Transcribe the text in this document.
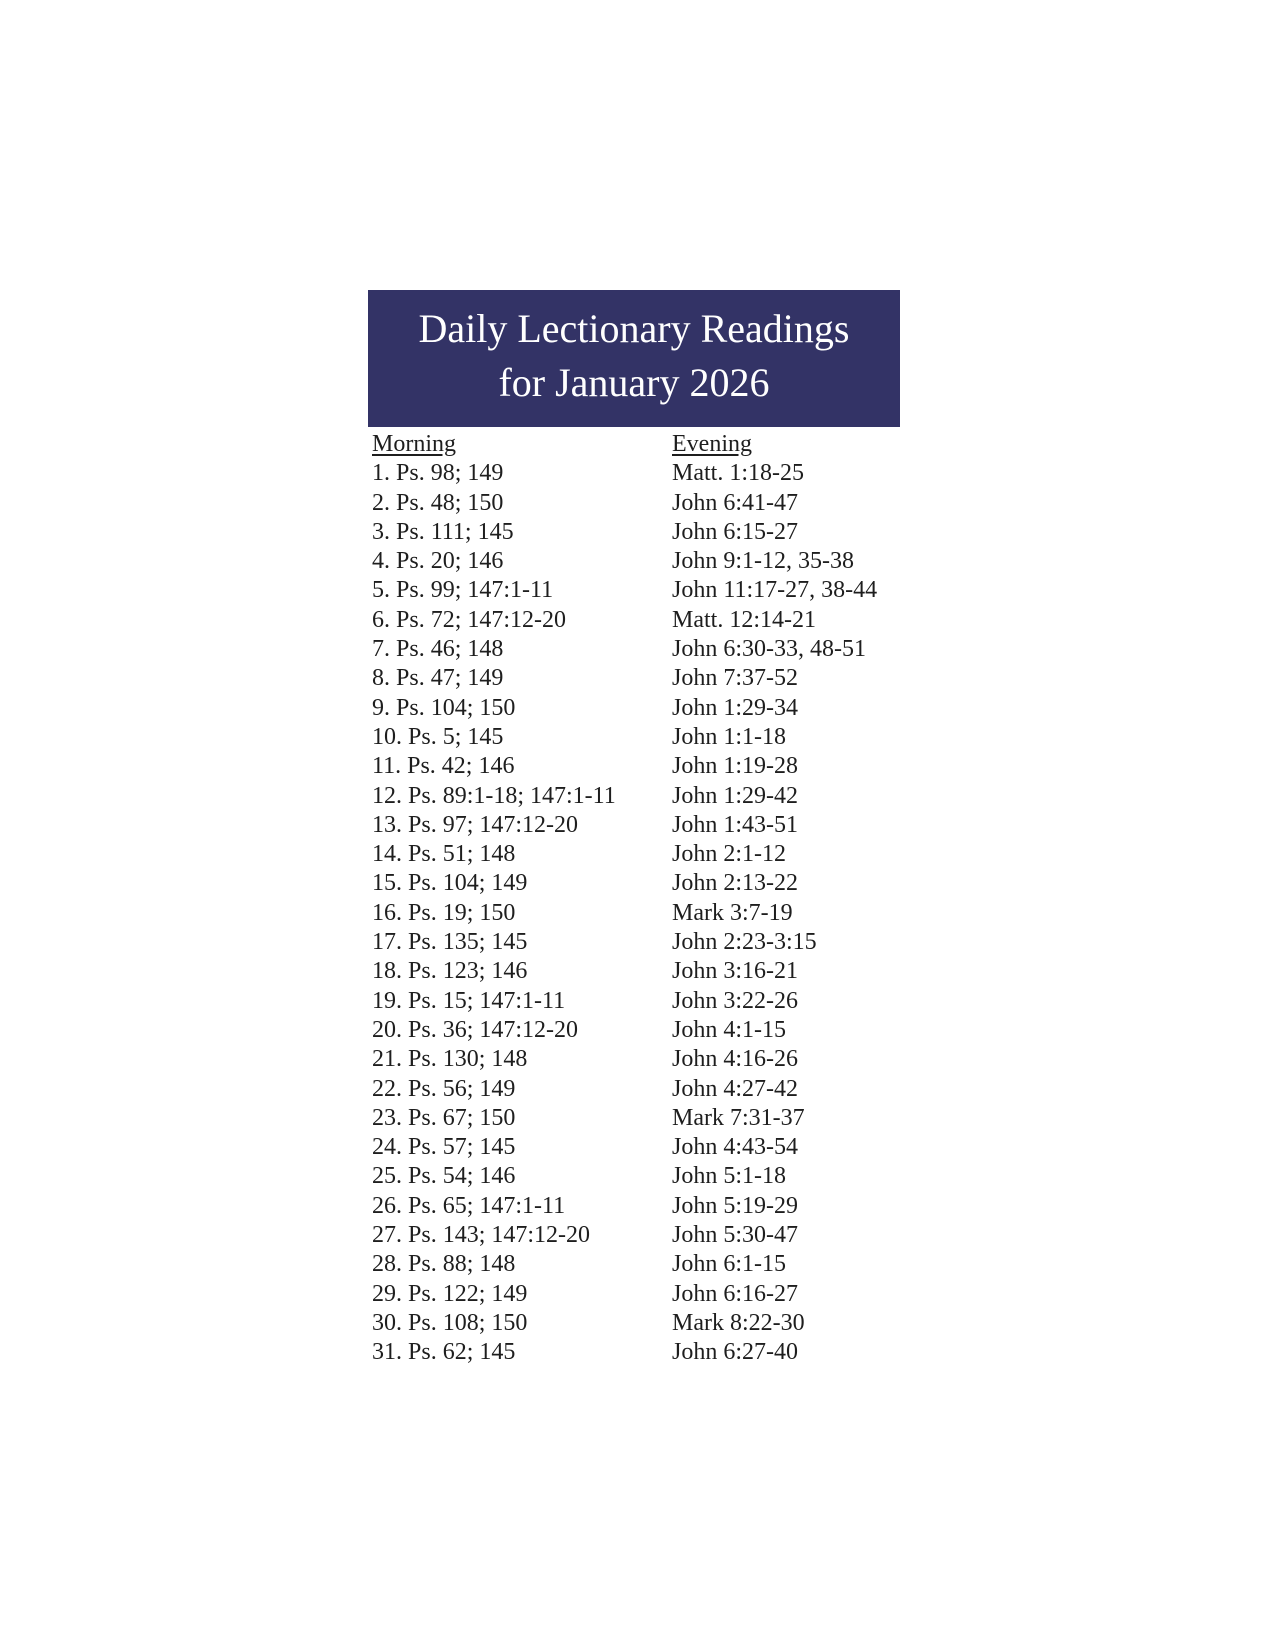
Daily Lectionary Readings
for January 2026
Morning
1. Ps. 98; 149
2. Ps. 48; 150
3. Ps. 111; 145
4. Ps. 20; 146
5. Ps. 99; 147:1-11
6. Ps. 72; 147:12-20
7. Ps. 46; 148
8. Ps. 47; 149
9. Ps. 104; 150
10. Ps. 5; 145
11. Ps. 42; 146
12. Ps. 89:1-18; 147:1-11
13. Ps. 97; 147:12-20
14. Ps. 51; 148
15. Ps. 104; 149
16. Ps. 19; 150
17. Ps. 135; 145
18. Ps. 123; 146
19. Ps. 15; 147:1-11
20. Ps. 36; 147:12-20
21. Ps. 130; 148
22. Ps. 56; 149
23. Ps. 67; 150
24. Ps. 57; 145
25. Ps. 54; 146
26. Ps. 65; 147:1-11
27. Ps. 143; 147:12-20
28. Ps. 88; 148
29. Ps. 122; 149
30. Ps. 108; 150
31. Ps. 62; 145
Evening
Matt. 1:18-25
John 6:41-47
John 6:15-27
John 9:1-12, 35-38
John 11:17-27, 38-44
Matt. 12:14-21
John 6:30-33, 48-51
John 7:37-52
John 1:29-34
John 1:1-18
John 1:19-28
John 1:29-42
John 1:43-51
John 2:1-12
John 2:13-22
Mark 3:7-19
John 2:23-3:15
John 3:16-21
John 3:22-26
John 4:1-15
John 4:16-26
John 4:27-42
Mark 7:31-37
John 4:43-54
John 5:1-18
John 5:19-29
John 5:30-47
John 6:1-15
John 6:16-27
Mark 8:22-30
John 6:27-40
